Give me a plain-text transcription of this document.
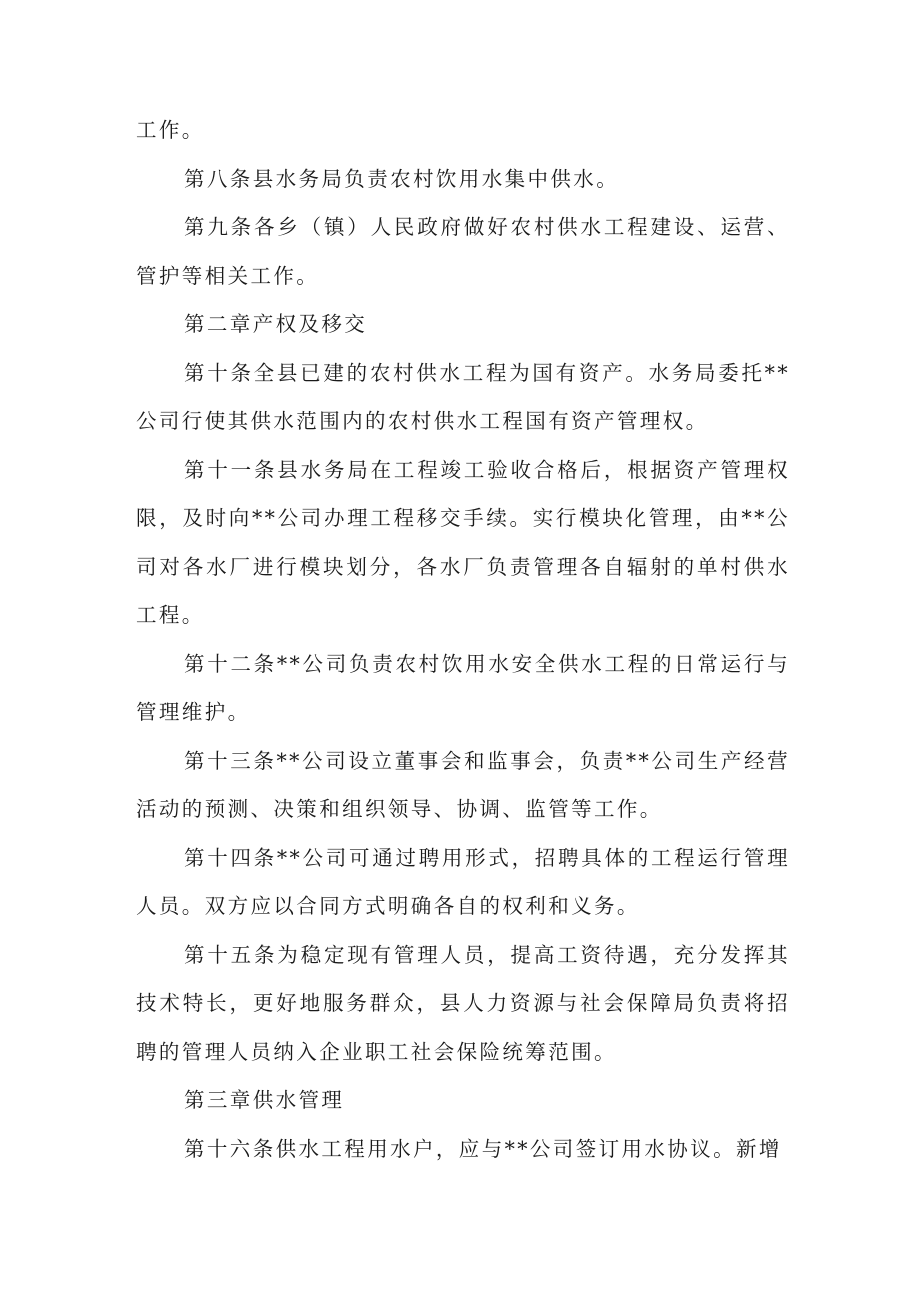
工作。

第八条县水务局负责农村饮用水集中供水。

第九条各乡（镇）人民政府做好农村供水工程建设、运营、管护等相关工作。

第二章产权及移交

第十条全县已建的农村供水工程为国有资产。水务局委托**公司行使其供水范围内的农村供水工程国有资产管理权。

第十一条县水务局在工程竣工验收合格后，根据资产管理权限，及时向**公司办理工程移交手续。实行模块化管理，由**公司对各水厂进行模块划分，各水厂负责管理各自辐射的单村供水工程。

第十二条**公司负责农村饮用水安全供水工程的日常运行与管理维护。

第十三条**公司设立董事会和监事会，负责**公司生产经营活动的预测、决策和组织领导、协调、监管等工作。

第十四条**公司可通过聘用形式，招聘具体的工程运行管理人员。双方应以合同方式明确各自的权利和义务。

第十五条为稳定现有管理人员，提高工资待遇，充分发挥其技术特长，更好地服务群众，县人力资源与社会保障局负责将招聘的管理人员纳入企业职工社会保险统筹范围。

第三章供水管理

第十六条供水工程用水户，应与**公司签订用水协议。新增
